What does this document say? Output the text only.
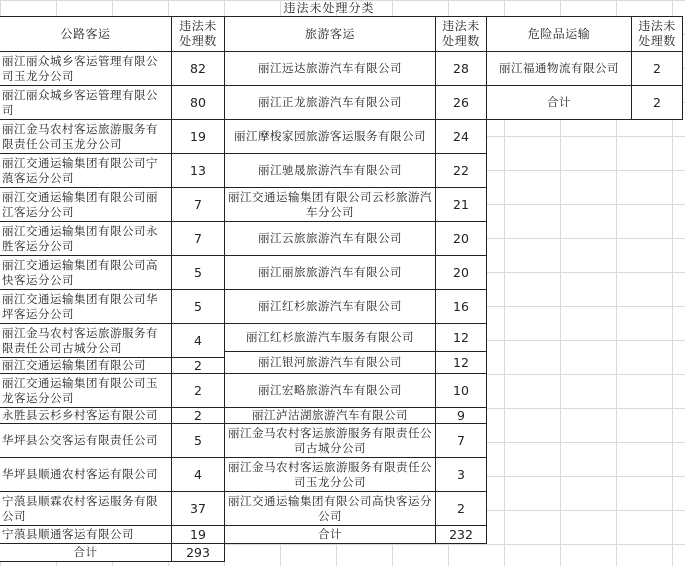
违法未处理分类
公路客运
违法未处理数
丽江丽众城乡客运管理有限公司玉龙分公司	82
丽江丽众城乡客运管理有限公司	80
丽江金马农村客运旅游服务有限责任公司玉龙分公司	19
丽江交通运输集团有限公司宁蒗客运分公司	13
丽江交通运输集团有限公司丽江客运分公司	7
丽江交通运输集团有限公司永胜客运分公司	7
丽江交通运输集团有限公司高快客运分公司	5
丽江交通运输集团有限公司华坪客运分公司	5
丽江金马农村客运旅游服务有限责任公司古城分公司	4
丽江交通运输集团有限公司	2
丽江交通运输集团有限公司玉龙客运分公司	2
永胜县云杉乡村客运有限公司	2
华坪县公交客运有限责任公司	5
华坪县顺通农村客运有限公司	4
宁蒗县顺霖农村客运服务有限公司	37
宁蒗县顺通客运有限公司	19
合计	293
旅游客运
违法未处理数
丽江远达旅游汽车有限公司	28
丽江正龙旅游汽车有限公司	26
丽江摩梭家园旅游客运服务有限公司	24
丽江驰晟旅游汽车有限公司	22
丽江交通运输集团有限公司云杉旅游汽车分公司	21
丽江云旅旅游汽车有限公司	20
丽江丽旅旅游汽车有限公司	20
丽江红杉旅游汽车有限公司	16
丽江红杉旅游汽车服务有限公司	12
丽江银河旅游汽车有限公司	12
丽江宏略旅游汽车有限公司	10
丽江泸沽湖旅游汽车有限公司	9
丽江金马农村客运旅游服务有限责任公司古城分公司	7
丽江金马农村客运旅游服务有限责任公司玉龙分公司	3
丽江交通运输集团有限公司高快客运分公司	2
合计	232
危险品运输
违法未处理数
丽江福通物流有限公司	2
合计	2
